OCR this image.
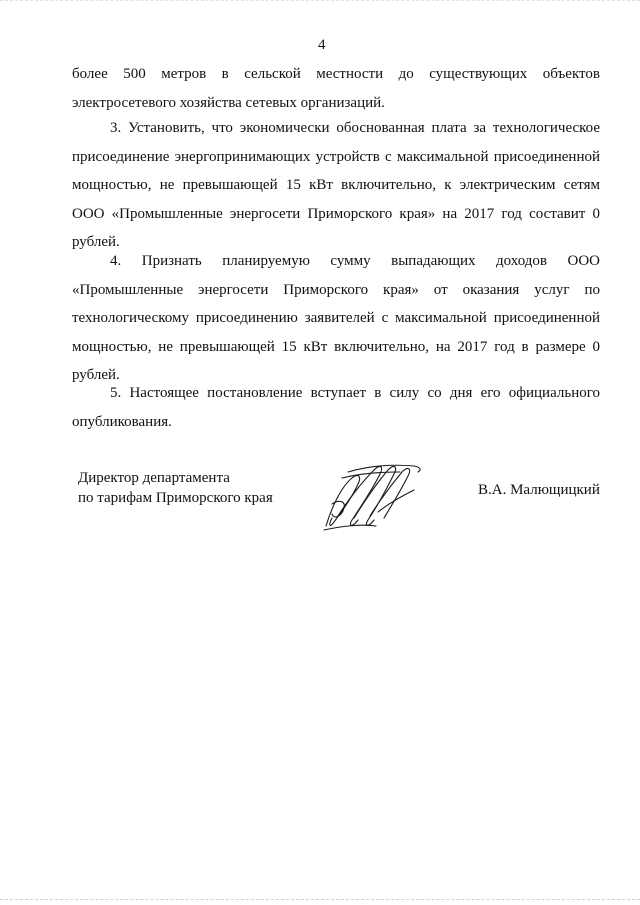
4

более 500 метров в сельской местности до существующих объектов электросетевого хозяйства сетевых организаций.

3. Установить, что экономически обоснованная плата за технологическое присоединение энергопринимающих устройств с максимальной присоединенной мощностью, не превышающей 15 кВт включительно, к электрическим сетям ООО «Промышленные энергосети Приморского края» на 2017 год составит 0 рублей.

4. Признать планируемую сумму выпадающих доходов ООО «Промышленные энергосети Приморского края» от оказания услуг по технологическому присоединению заявителей с максимальной присоединенной мощностью, не превышающей 15 кВт включительно, на 2017 год в размере 0 рублей.

5. Настоящее постановление вступает в силу со дня его официального опубликования.

Директор департамента
по тарифам Приморского края	В.А. Малющицкий
